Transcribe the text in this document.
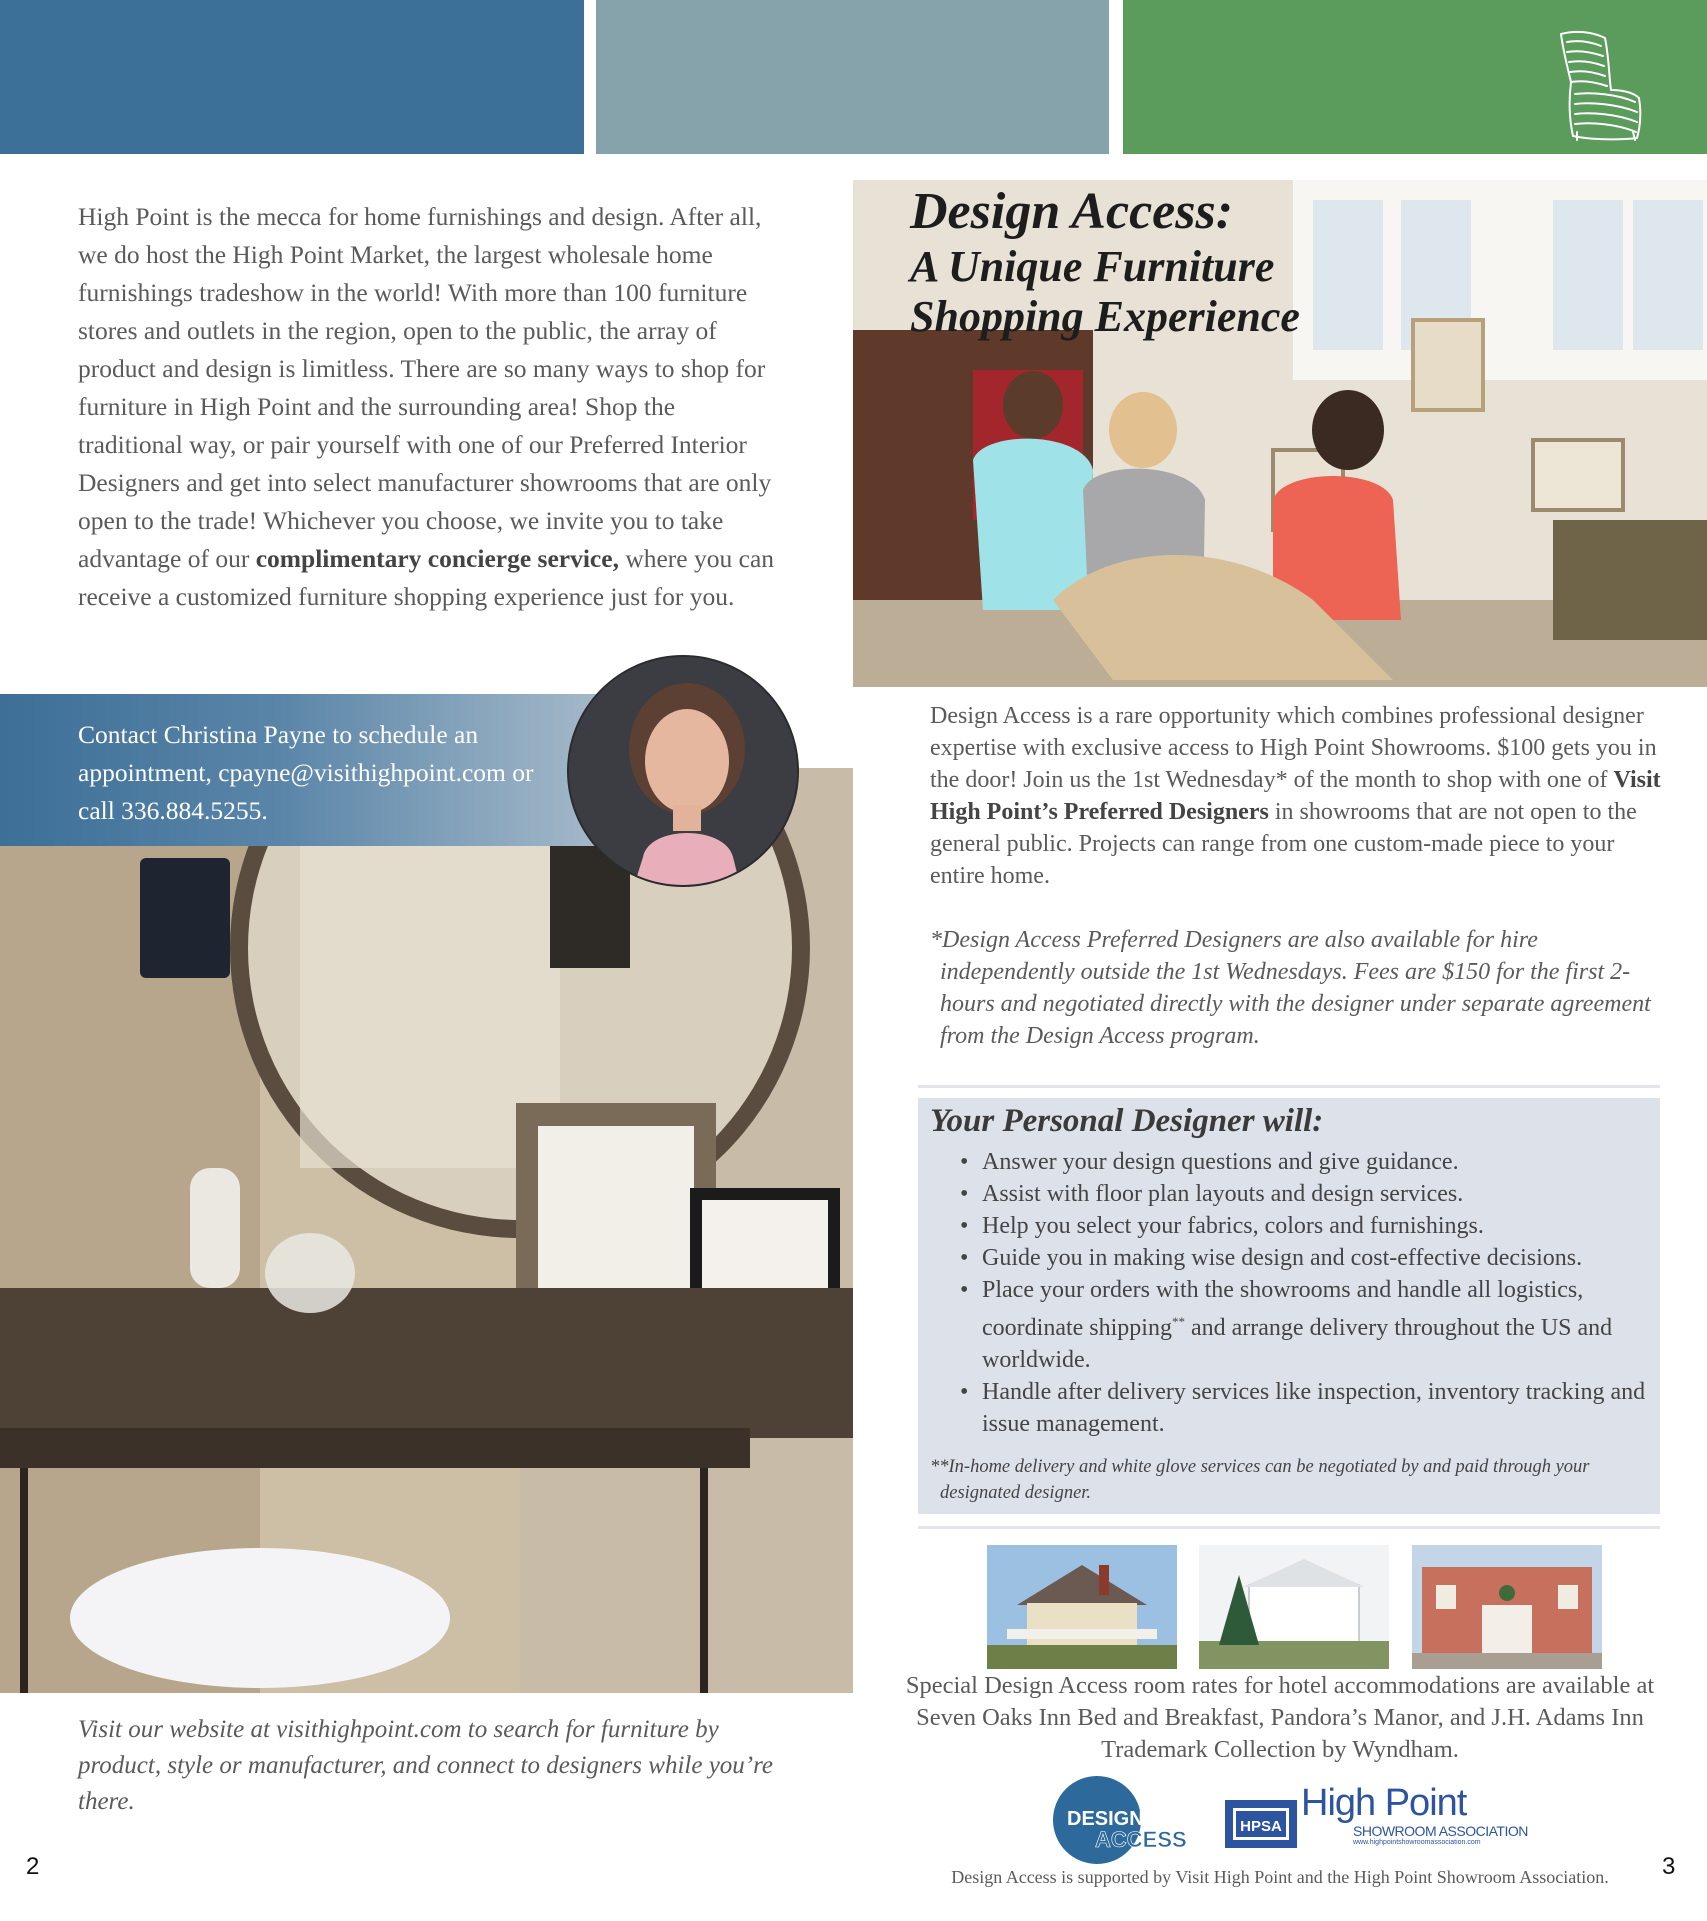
High Point is the mecca for home furnishings and design. After all, we do host the High Point Market, the largest wholesale home furnishings tradeshow in the world! With more than 100 furniture stores and outlets in the region, open to the public, the array of product and design is limitless. There are so many ways to shop for furniture in High Point and the surrounding area! Shop the traditional way, or pair yourself with one of our Preferred Interior Designers and get into select manufacturer showrooms that are only open to the trade! Whichever you choose, we invite you to take advantage of our complimentary concierge service, where you can receive a customized furniture shopping experience just for you.

Contact Christina Payne to schedule an appointment, cpayne@visithighpoint.com or call 336.884.5255.

Visit our website at visithighpoint.com to search for furniture by product, style or manufacturer, and connect to designers while you’re there.

2
Design Access:
A Unique Furniture
Shopping Experience

Design Access is a rare opportunity which combines professional designer expertise with exclusive access to High Point Showrooms. $100 gets you in the door! Join us the 1st Wednesday* of the month to shop with one of Visit High Point’s Preferred Designers in showrooms that are not open to the general public. Projects can range from one custom-made piece to your entire home.

*Design Access Preferred Designers are also available for hire
independently outside the 1st Wednesdays. Fees are $150 for the first 2-hours and negotiated directly with the designer under separate agreement from the Design Access program.

Your Personal Designer will:
• Answer your design questions and give guidance.
• Assist with floor plan layouts and design services.
• Help you select your fabrics, colors and furnishings.
• Guide you in making wise design and cost-effective decisions.
• Place your orders with the showrooms and handle all logistics, coordinate shipping** and arrange delivery throughout the US and worldwide.
• Handle after delivery services like inspection, inventory tracking and issue management.

**In-home delivery and white glove services can be negotiated by and paid through your
designated designer.

Special Design Access room rates for hotel accommodations are available at Seven Oaks Inn Bed and Breakfast, Pandora’s Manor, and J.H. Adams Inn Trademark Collection by Wyndham.

DESIGN
ACCESS
HPSA
High Point
SHOWROOM ASSOCIATION
www.highpointshowroomassociation.com

Design Access is supported by Visit High Point and the High Point Showroom Association.	3
